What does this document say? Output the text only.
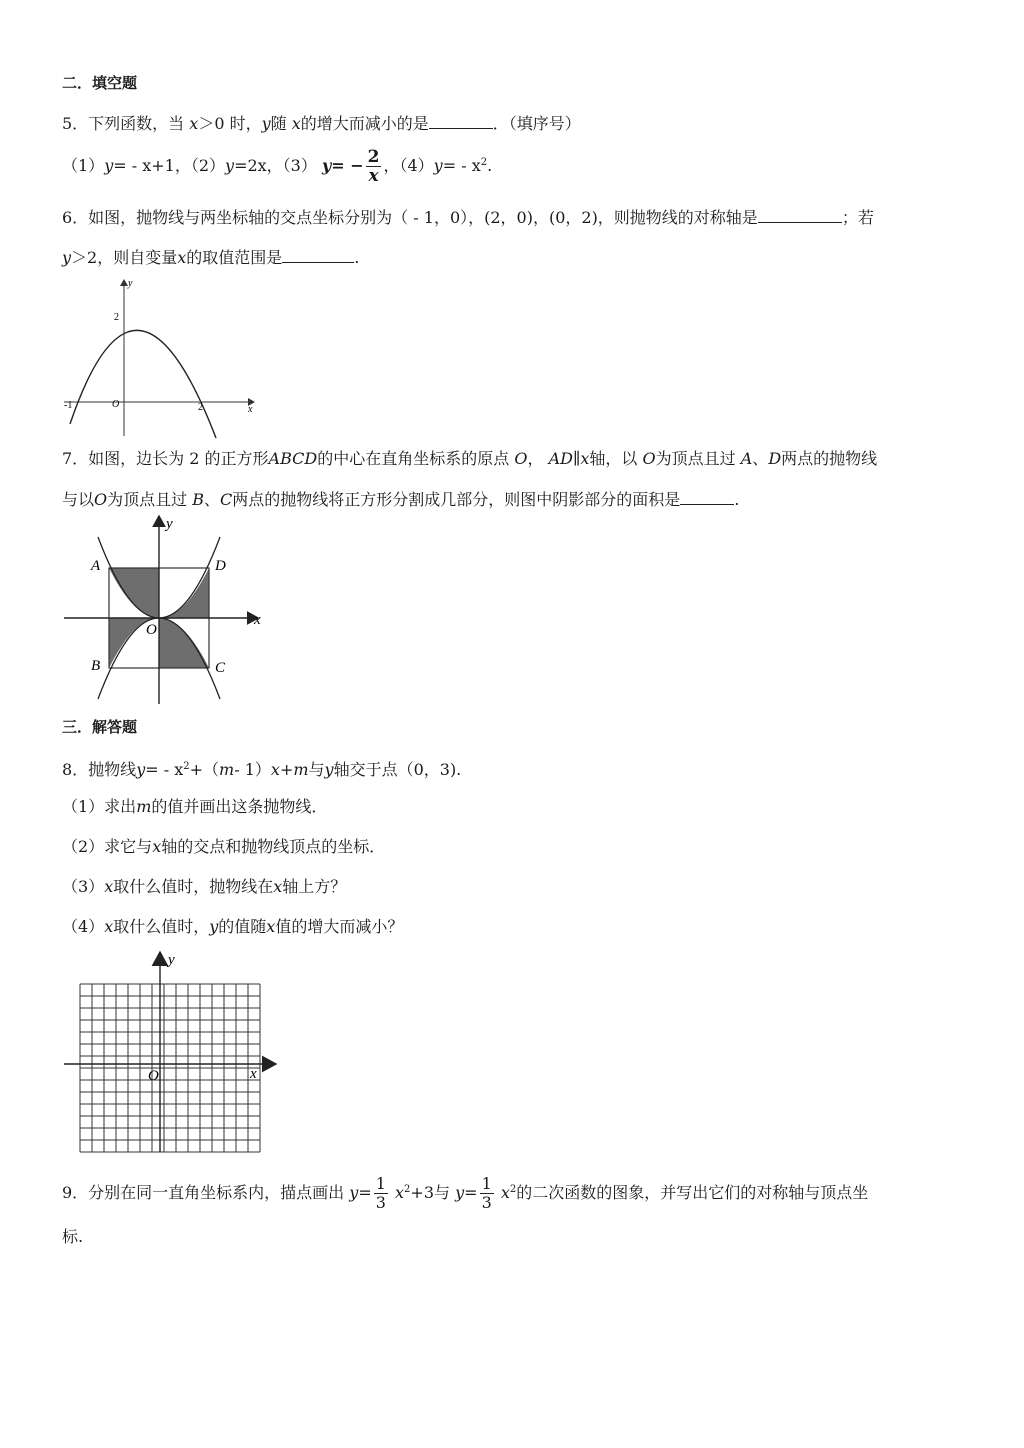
二．填空题
5．下列函数，当 x＞0 时，y随 x的增大而减小的是	．（填序号）
（1）y= - x+1，（2）y=2x，（3） $y= - \frac{2}{x}$ ，$(4)y= - x^2$.
6．如图，抛物线与两坐标轴的交点坐标分别为（ - 1，0），(2，0)，(0，2)，则抛物线的对称轴是	；若
y＞2，则自变量x的取值范围是	.
y
x
O
-1	2
2
7．如图，边长为 2 的正方形ABCD的中心在直角坐标系的原点 O， AD∥x轴，以 O为顶点且过 A、D两点的抛物线
与以O为顶点且过 B、C两点的抛物线将正方形分割成几部分，则图中阴影部分的面积是	.
A	D
B	C
O
x
y
三．解答题
8．抛物线$y= - x^2+(m-$ 1）x+m与y轴交于点（0，3).
（1）求出m的值并画出这条抛物线．
（2）求它与x轴的交点和抛物线顶点的坐标．
（3）x取什么值时，抛物线在x轴上方？
（4）x取什么值时，y的值随x值的增大而减小？
O	x
y
9．分别在同一直角坐标系内，描点画出 $y= \frac{1}{3} x^2+3$与 $y= \frac{1}{3} x^2$的二次函数的图象，并写出它们的对称轴与顶点坐
标.
